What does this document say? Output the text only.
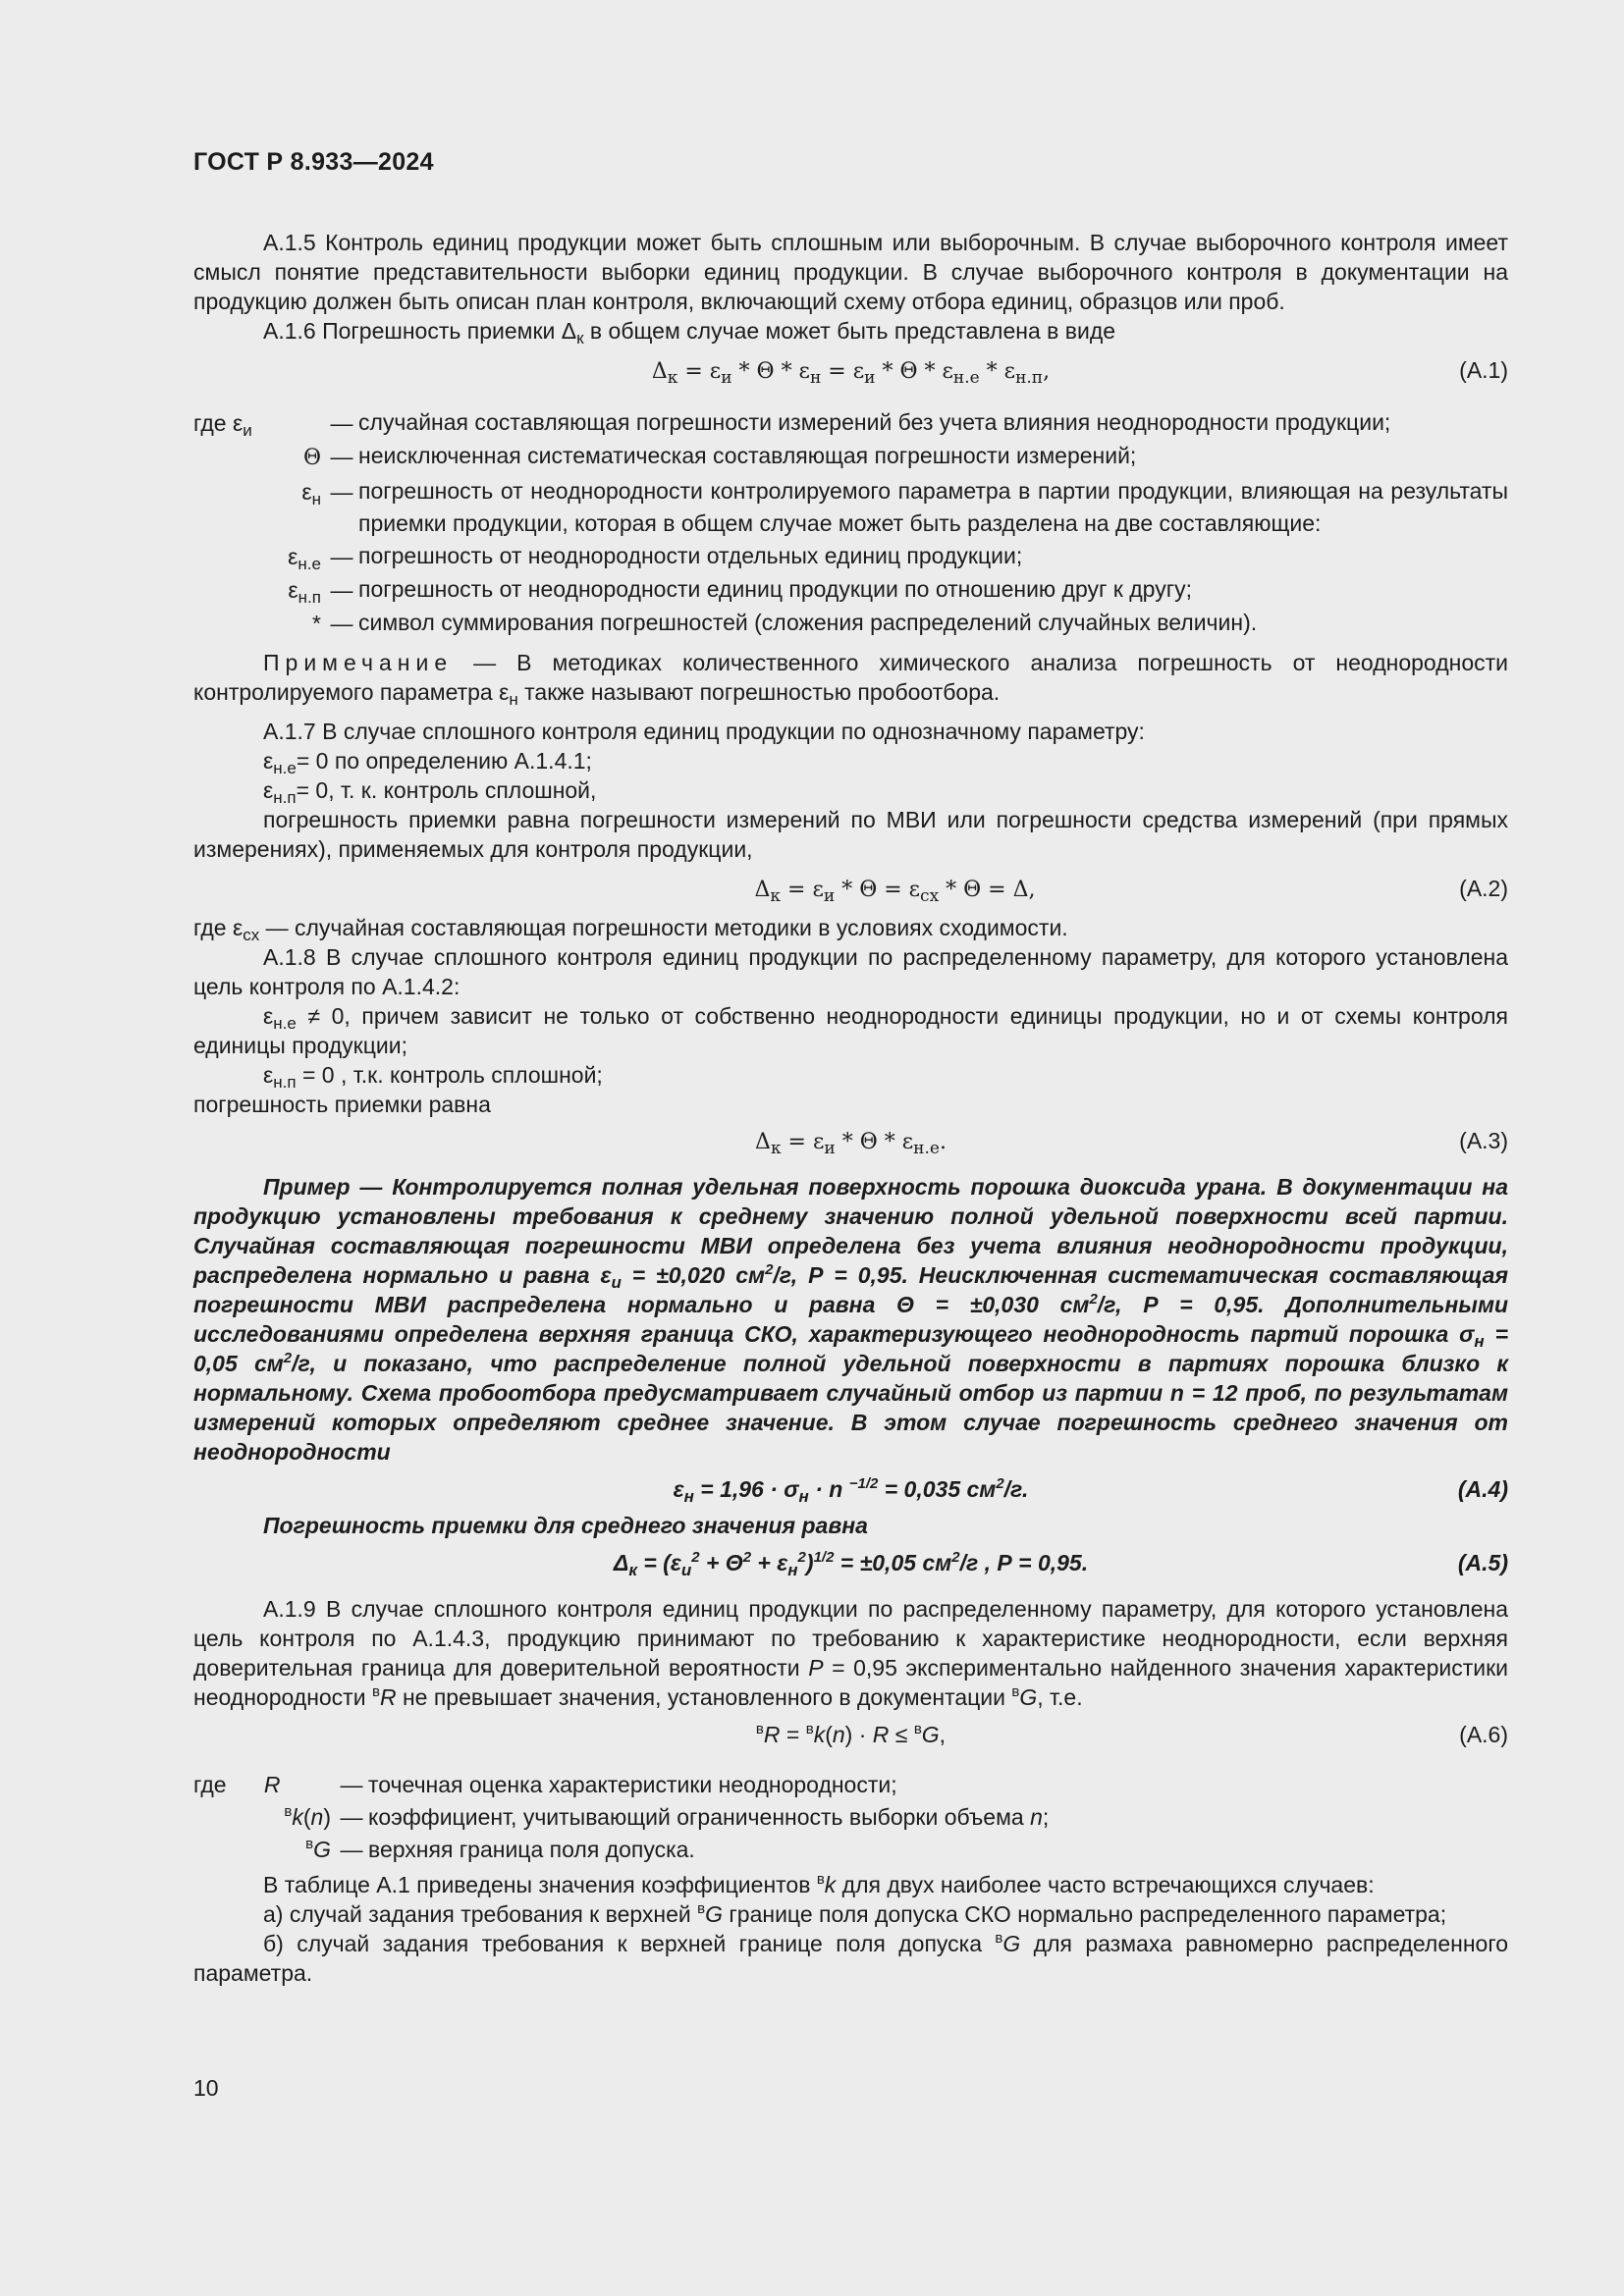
ГОСТ Р 8.933—2024

А.1.5 Контроль единиц продукции может быть сплошным или выборочным. В случае выборочного контроля имеет смысл понятие представительности выборки единиц продукции. В случае выборочного контроля в документации на продукцию должен быть описан план контроля, включающий схему отбора единиц, образцов или проб.

А.1.6 Погрешность приемки $\Delta_к$ в общем случае может быть представлена в виде

$\Delta_к = \varepsilon_и * \Theta * \varepsilon_н = \varepsilon_и * \Theta * \varepsilon_{н.е} * \varepsilon_{н.п}$,	(А.1)
где $\varepsilon_и$	—	случайная составляющая погрешности измерений без учета влияния неоднородности продукции;
Θ	—	неисключенная систематическая составляющая погрешности измерений;
$\varepsilon_н$	—	погрешность от неоднородности контролируемого параметра в партии продукции, влияющая на результаты приемки продукции, которая в общем случае может быть разделена на две составляющие:
$\varepsilon_{н.е}$	—	погрешность от неоднородности отдельных единиц продукции;
$\varepsilon_{н.п}$	—	погрешность от неоднородности единиц продукции по отношению друг к другу;
*	—	символ суммирования погрешностей (сложения распределений случайных величин).

Примечание — В методиках количественного химического анализа погрешность от неоднородности контролируемого параметра $\varepsilon_н$ также называют погрешностью пробоотбора.

А.1.7 В случае сплошного контроля единиц продукции по однозначному параметру:

$\varepsilon_{н.е}= 0$ по определению А.1.4.1;

$\varepsilon_{н.п}= 0$, т. к. контроль сплошной,

погрешность приемки равна погрешности измерений по МВИ или погрешности средства измерений (при прямых измерениях), применяемых для контроля продукции,

$\Delta_к = \varepsilon_и * \Theta = \varepsilon_{сх} * \Theta = \Delta$,	(А.2)

где $\varepsilon_{сх}$ — случайная составляющая погрешности методики в условиях сходимости.

А.1.8 В случае сплошного контроля единиц продукции по распределенному параметру, для которого установлена цель контроля по А.1.4.2:

$\varepsilon_{н.е} \ne 0$, причем зависит не только от собственно неоднородности единицы продукции, но и от схемы контроля единицы продукции;

$\varepsilon_{н.п} = 0$ , т.к. контроль сплошной;

погрешность приемки равна

$\Delta_к = \varepsilon_и * \Theta * \varepsilon_{н.е}$.	(А.3)

Пример — Контролируется полная удельная поверхность порошка диоксида урана. В документации на продукцию установлены требования к среднему значению полной удельной поверхности всей партии. Случайная составляющая погрешности МВИ определена без учета влияния неоднородности продукции, распределена нормально и равна $\varepsilon_и = \pm 0,020$ $см^2/г$, Р = 0,95. Неисключенная систематическая составляющая погрешности МВИ распределена нормально и равна Θ = ±0,030 $см^2/г$, Р = 0,95. Дополнительными исследованиями определена верхняя граница СКО, характеризующего неоднородность партий порошка $\sigma_н = 0,05$ $см^2/г$, и показано, что распределение полной удельной поверхности в партиях порошка близко к нормальному. Схема пробоотбора предусматривает случайный отбор из партии n = 12 проб, по результатам измерений которых определяют среднее значение. В этом случае погрешность среднего значения от неоднородности

$\varepsilon_н = 1,96 \cdot \sigma_н \cdot n$ $^{-1/2}$ = 0,035 $см^2/г$.	(А.4)

Погрешность приемки для среднего значения равна

$\Delta_к = (\varepsilon_и^2 + \Theta^2 + \varepsilon_н^2)^{1/2} = \pm 0,05$ $см^2/г$ , Р = 0,95.	(А.5)

А.1.9 В случае сплошного контроля единиц продукции по распределенному параметру, для которого установлена цель контроля по А.1.4.3, продукцию принимают по требованию к характеристике неоднородности, если верхняя доверительная граница для доверительной вероятности P = 0,95 экспериментально найденного значения характеристики неоднородности $^в$R не превышает значения, установленного в документации $^в$G, т.е.

$^в$R = $^в$k(n) · R ≤ $^в$G,	(А.6)
где      R	—	точечная оценка характеристики неоднородности;
$^в$k(n)	—	коэффициент, учитывающий ограниченность выборки объема n;
$^в$G	—	верхняя граница поля допуска.

В таблице А.1 приведены значения коэффициентов $^в$k для двух наиболее часто встречающихся случаев:

а) случай задания требования к верхней $^в$G границе поля допуска СКО нормально распределенного параметра;

б) случай задания требования к верхней границе поля допуска $^в$G для размаха равномерно распределенного параметра.

10
